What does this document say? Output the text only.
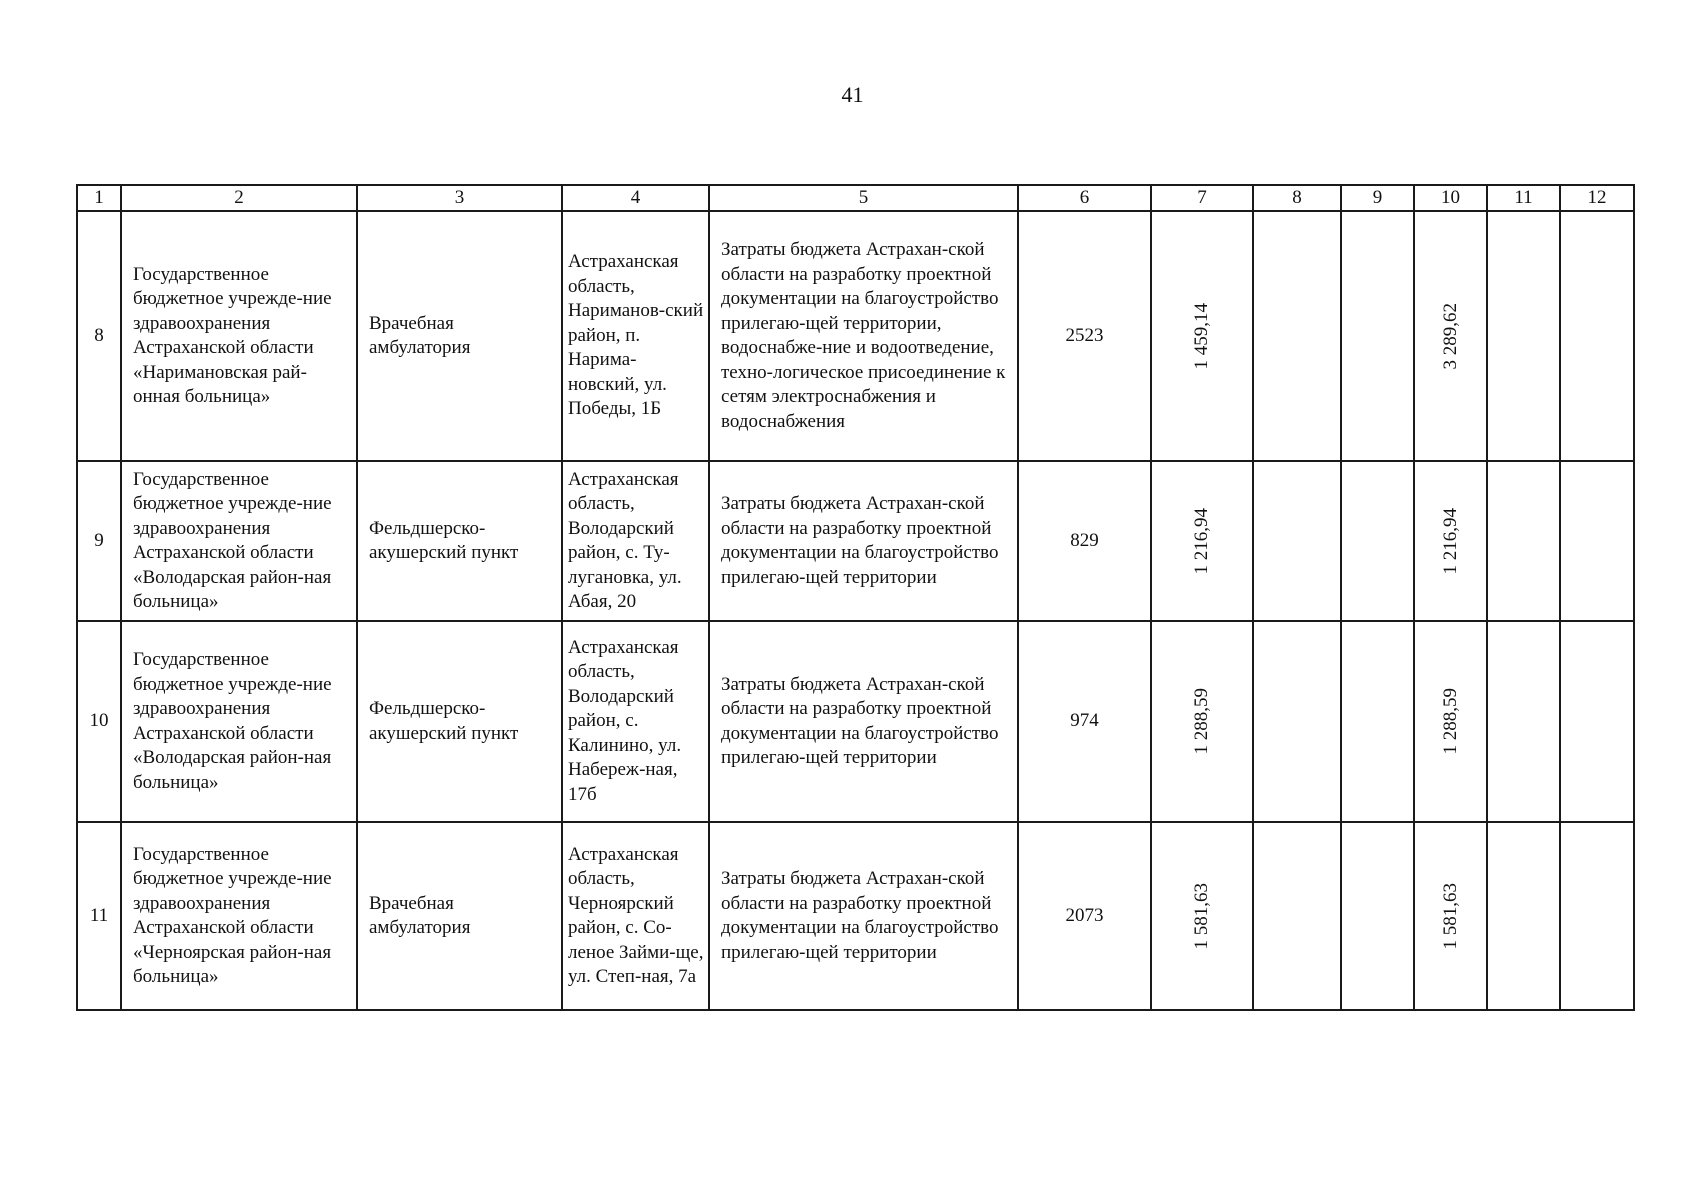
41
1	2	3	4	5	6	7	8	9	10	11	12
8	Государственное бюджетное учрежде-ние здравоохранения Астраханской области «Наримановская рай-онная больница»	Врачебная амбулатория	Астраханская область, Нариманов-ский район, п. Нарима-новский, ул. Победы, 1Б	Затраты бюджета Астрахан-ской области на разработку проектной документации на благоустройство прилегаю-щей территории, водоснабже-ние и водоотведение, техно-логическое присоединение к сетям электроснабжения и водоснабжения	2523	1 459,14			3 289,62		

9	Государственное бюджетное учрежде-ние здравоохранения Астраханской области «Володарская район-ная больница»	Фельдшерско-акушерский пункт	Астраханская область, Володарский район, с. Ту-лугановка, ул. Абая, 20	Затраты бюджета Астрахан-ской области на разработку проектной документации на благоустройство прилегаю-щей территории	829	1 216,94			1 216,94		

10	Государственное бюджетное учрежде-ние здравоохранения Астраханской области «Володарская район-ная больница»	Фельдшерско-акушерский пункт	Астраханская область, Володарский район, с. Калинино, ул. Набереж-ная, 17б	Затраты бюджета Астрахан-ской области на разработку проектной документации на благоустройство прилегаю-щей территории	974	1 288,59			1 288,59		

11	Государственное бюджетное учрежде-ние здравоохранения Астраханской области «Черноярская район-ная больница»	Врачебная амбулатория	Астраханская область, Черноярский район, с. Со-леное Займи-ще, ул. Степ-ная, 7а	Затраты бюджета Астрахан-ской области на разработку проектной документации на благоустройство прилегаю-щей территории	2073	1 581,63			1 581,63		
